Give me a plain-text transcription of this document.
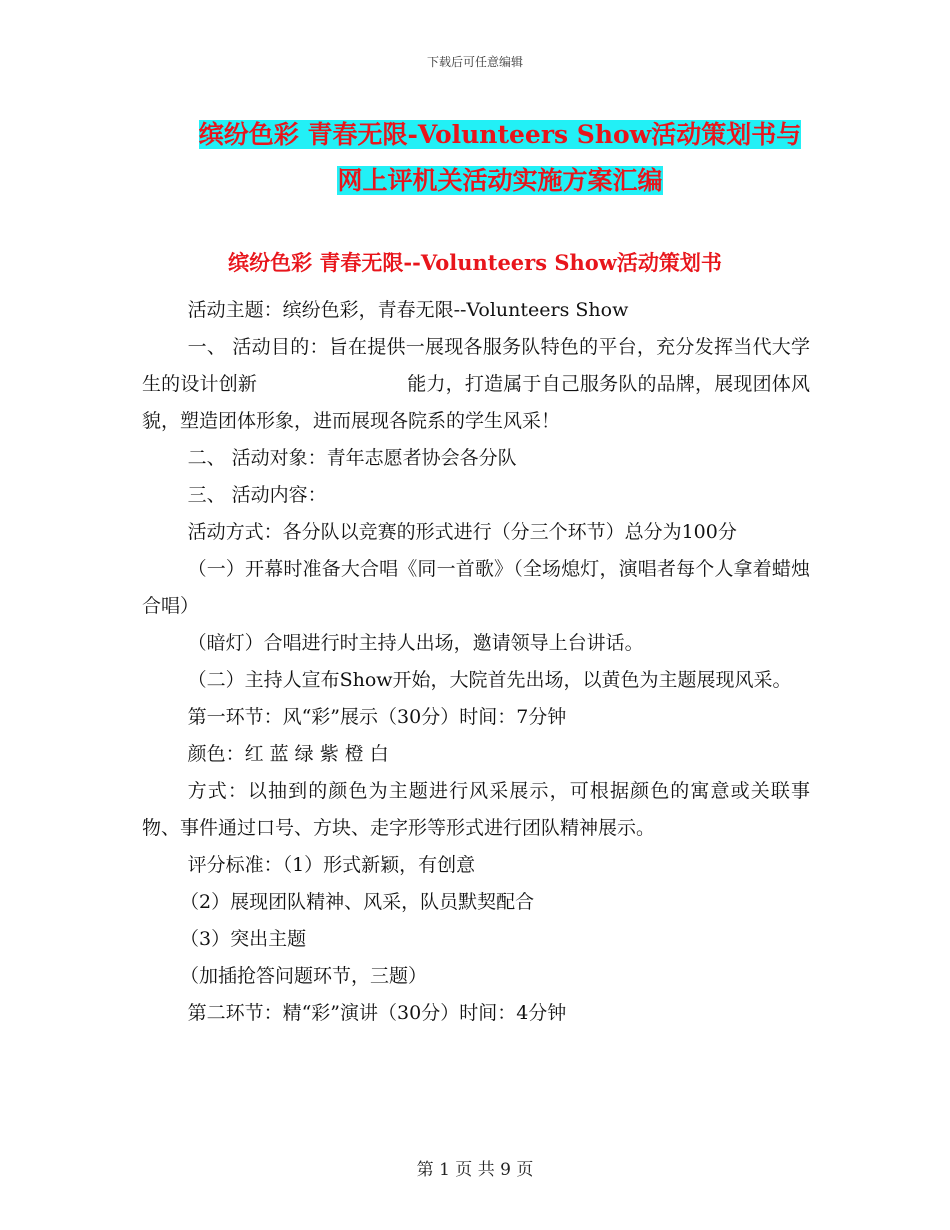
下载后可任意编辑
缤纷色彩 青春无限-Volunteers Show活动策划书与
网上评机关活动实施方案汇编
缤纷色彩 青春无限--Volunteers Show活动策划书

活动主题：缤纷色彩，青春无限--Volunteers Show

一、 活动目的：旨在提供一展现各服务队特色的平台，充分发挥当代大学生的设计创新	能力，打造属于自己服务队的品牌，展现团体风貌，塑造团体形象，进而展现各院系的学生风采！

二、 活动对象：青年志愿者协会各分队

三、 活动内容：

活动方式：各分队以竞赛的形式进行（分三个环节）总分为100分

（一）开幕时准备大合唱《同一首歌》（全场熄灯，演唱者每个人拿着蜡烛合唱）

（暗灯）合唱进行时主持人出场，邀请领导上台讲话。

（二）主持人宣布Show开始，大院首先出场，以黄色为主题展现风采。

第一环节：风“彩”展示（30分）时间：7分钟

颜色：红 蓝 绿 紫 橙 白

方式：以抽到的颜色为主题进行风采展示，可根据颜色的寓意或关联事物、事件通过口号、方块、走字形等形式进行团队精神展示。

评分标准：（1）形式新颖，有创意

（2）展现团队精神、风采，队员默契配合

（3）突出主题

（加插抢答问题环节，三题）

第二环节：精“彩”演讲（30分）时间：4分钟

第 1 页 共 9 页
